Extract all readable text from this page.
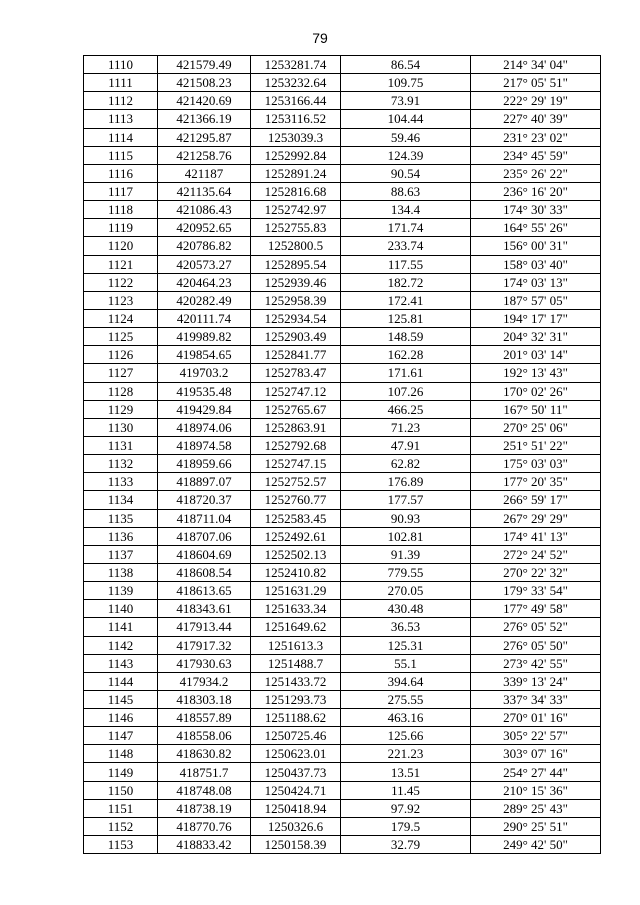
79
1110	421579.49	1253281.74	86.54	214° 34' 04"
1111	421508.23	1253232.64	109.75	217° 05' 51"
1112	421420.69	1253166.44	73.91	222° 29' 19"
1113	421366.19	1253116.52	104.44	227° 40' 39"
1114	421295.87	1253039.3	59.46	231° 23' 02"
1115	421258.76	1252992.84	124.39	234° 45' 59"
1116	421187	1252891.24	90.54	235° 26' 22"
1117	421135.64	1252816.68	88.63	236° 16' 20"
1118	421086.43	1252742.97	134.4	174° 30' 33"
1119	420952.65	1252755.83	171.74	164° 55' 26"
1120	420786.82	1252800.5	233.74	156° 00' 31"
1121	420573.27	1252895.54	117.55	158° 03' 40"
1122	420464.23	1252939.46	182.72	174° 03' 13"
1123	420282.49	1252958.39	172.41	187° 57' 05"
1124	420111.74	1252934.54	125.81	194° 17' 17"
1125	419989.82	1252903.49	148.59	204° 32' 31"
1126	419854.65	1252841.77	162.28	201° 03' 14"
1127	419703.2	1252783.47	171.61	192° 13' 43"
1128	419535.48	1252747.12	107.26	170° 02' 26"
1129	419429.84	1252765.67	466.25	167° 50' 11"
1130	418974.06	1252863.91	71.23	270° 25' 06"
1131	418974.58	1252792.68	47.91	251° 51' 22"
1132	418959.66	1252747.15	62.82	175° 03' 03"
1133	418897.07	1252752.57	176.89	177° 20' 35"
1134	418720.37	1252760.77	177.57	266° 59' 17"
1135	418711.04	1252583.45	90.93	267° 29' 29"
1136	418707.06	1252492.61	102.81	174° 41' 13"
1137	418604.69	1252502.13	91.39	272° 24' 52"
1138	418608.54	1252410.82	779.55	270° 22' 32"
1139	418613.65	1251631.29	270.05	179° 33' 54"
1140	418343.61	1251633.34	430.48	177° 49' 58"
1141	417913.44	1251649.62	36.53	276° 05' 52"
1142	417917.32	1251613.3	125.31	276° 05' 50"
1143	417930.63	1251488.7	55.1	273° 42' 55"
1144	417934.2	1251433.72	394.64	339° 13' 24"
1145	418303.18	1251293.73	275.55	337° 34' 33"
1146	418557.89	1251188.62	463.16	270° 01' 16"
1147	418558.06	1250725.46	125.66	305° 22' 57"
1148	418630.82	1250623.01	221.23	303° 07' 16"
1149	418751.7	1250437.73	13.51	254° 27' 44"
1150	418748.08	1250424.71	11.45	210° 15' 36"
1151	418738.19	1250418.94	97.92	289° 25' 43"
1152	418770.76	1250326.6	179.5	290° 25' 51"
1153	418833.42	1250158.39	32.79	249° 42' 50"
